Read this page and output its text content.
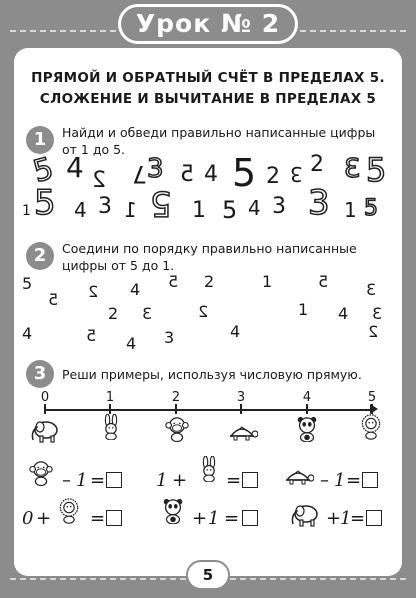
Урок № 2
ПРЯМОЙ И ОБРАТНЫЙ СЧЁТ В ПРЕДЕЛАХ 5.
СЛОЖЕНИЕ И ВЫЧИТАНИЕ В ПРЕДЕЛАХ 5
1	Найди и обведи правильно написанные цифры от 1 до 5.
5 4 2 7 3 5 4 5 2 3 2 3 5
1 5 4 3 1 5 1 5 4 3 3 1 5
2	Соедини по порядку правильно написанные цифры от 5 до 1.
5
5 2 4 5 2	1	5 3
2 3	2	1 4 3
4	5 4 3	4	2
3	Реши примеры, используя числовую прямую.
0	1	2	3	4	5
– 1 =	1 + =	– 1 =
0 + =	+ 1 =	+
1
=
5
